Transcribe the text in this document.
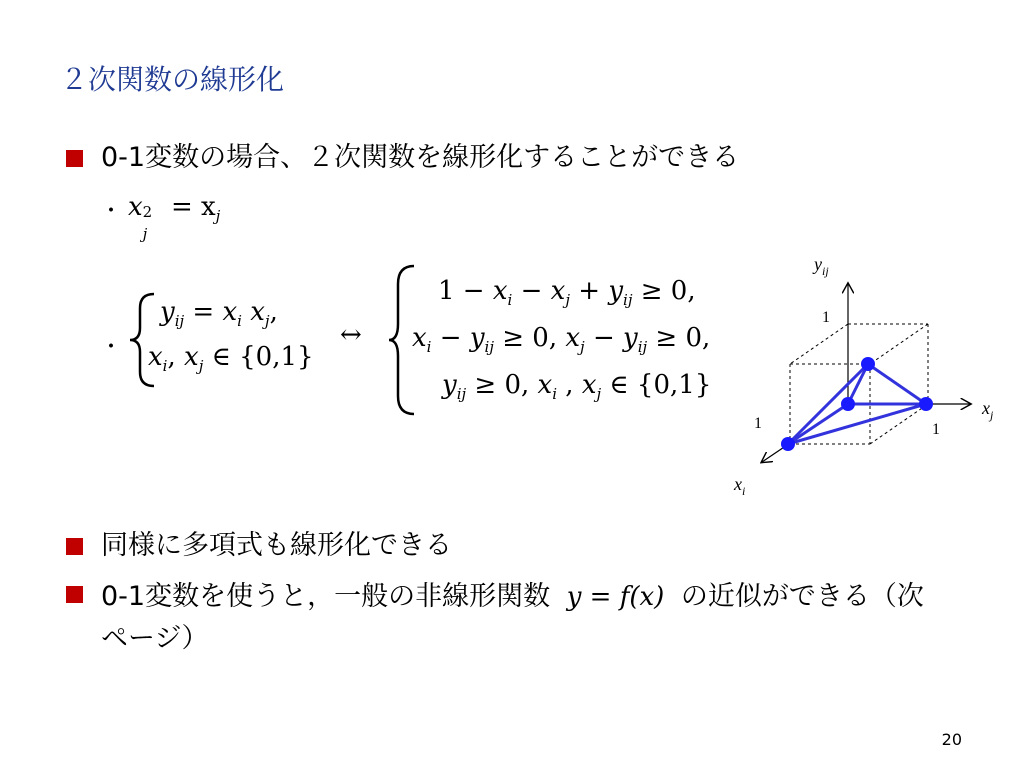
２次関数の線形化
0-1変数の場合、２次関数を線形化することができる
・ x 2
j
= $x_j$
・
$y_{ij} = x_i$ $x_j$,
$x_i$, $x_j$ ∈ {0,1}
↔
$1 - x_i - x_j + y_{ij} \ge 0$,
$x_i - y_{ij} \ge 0$, $x_j - y_{ij} \ge 0$,
$y_{ij} \ge 0$, $x_i$ , $x_j$ ∈ {0,1}
$y_{ij}$
$x_j$
$x_i$
1
1
1
同様に多項式も線形化できる
0-1変数を使うと，一般の非線形関数 y = f(x) の近似ができる（次ページ）
20
